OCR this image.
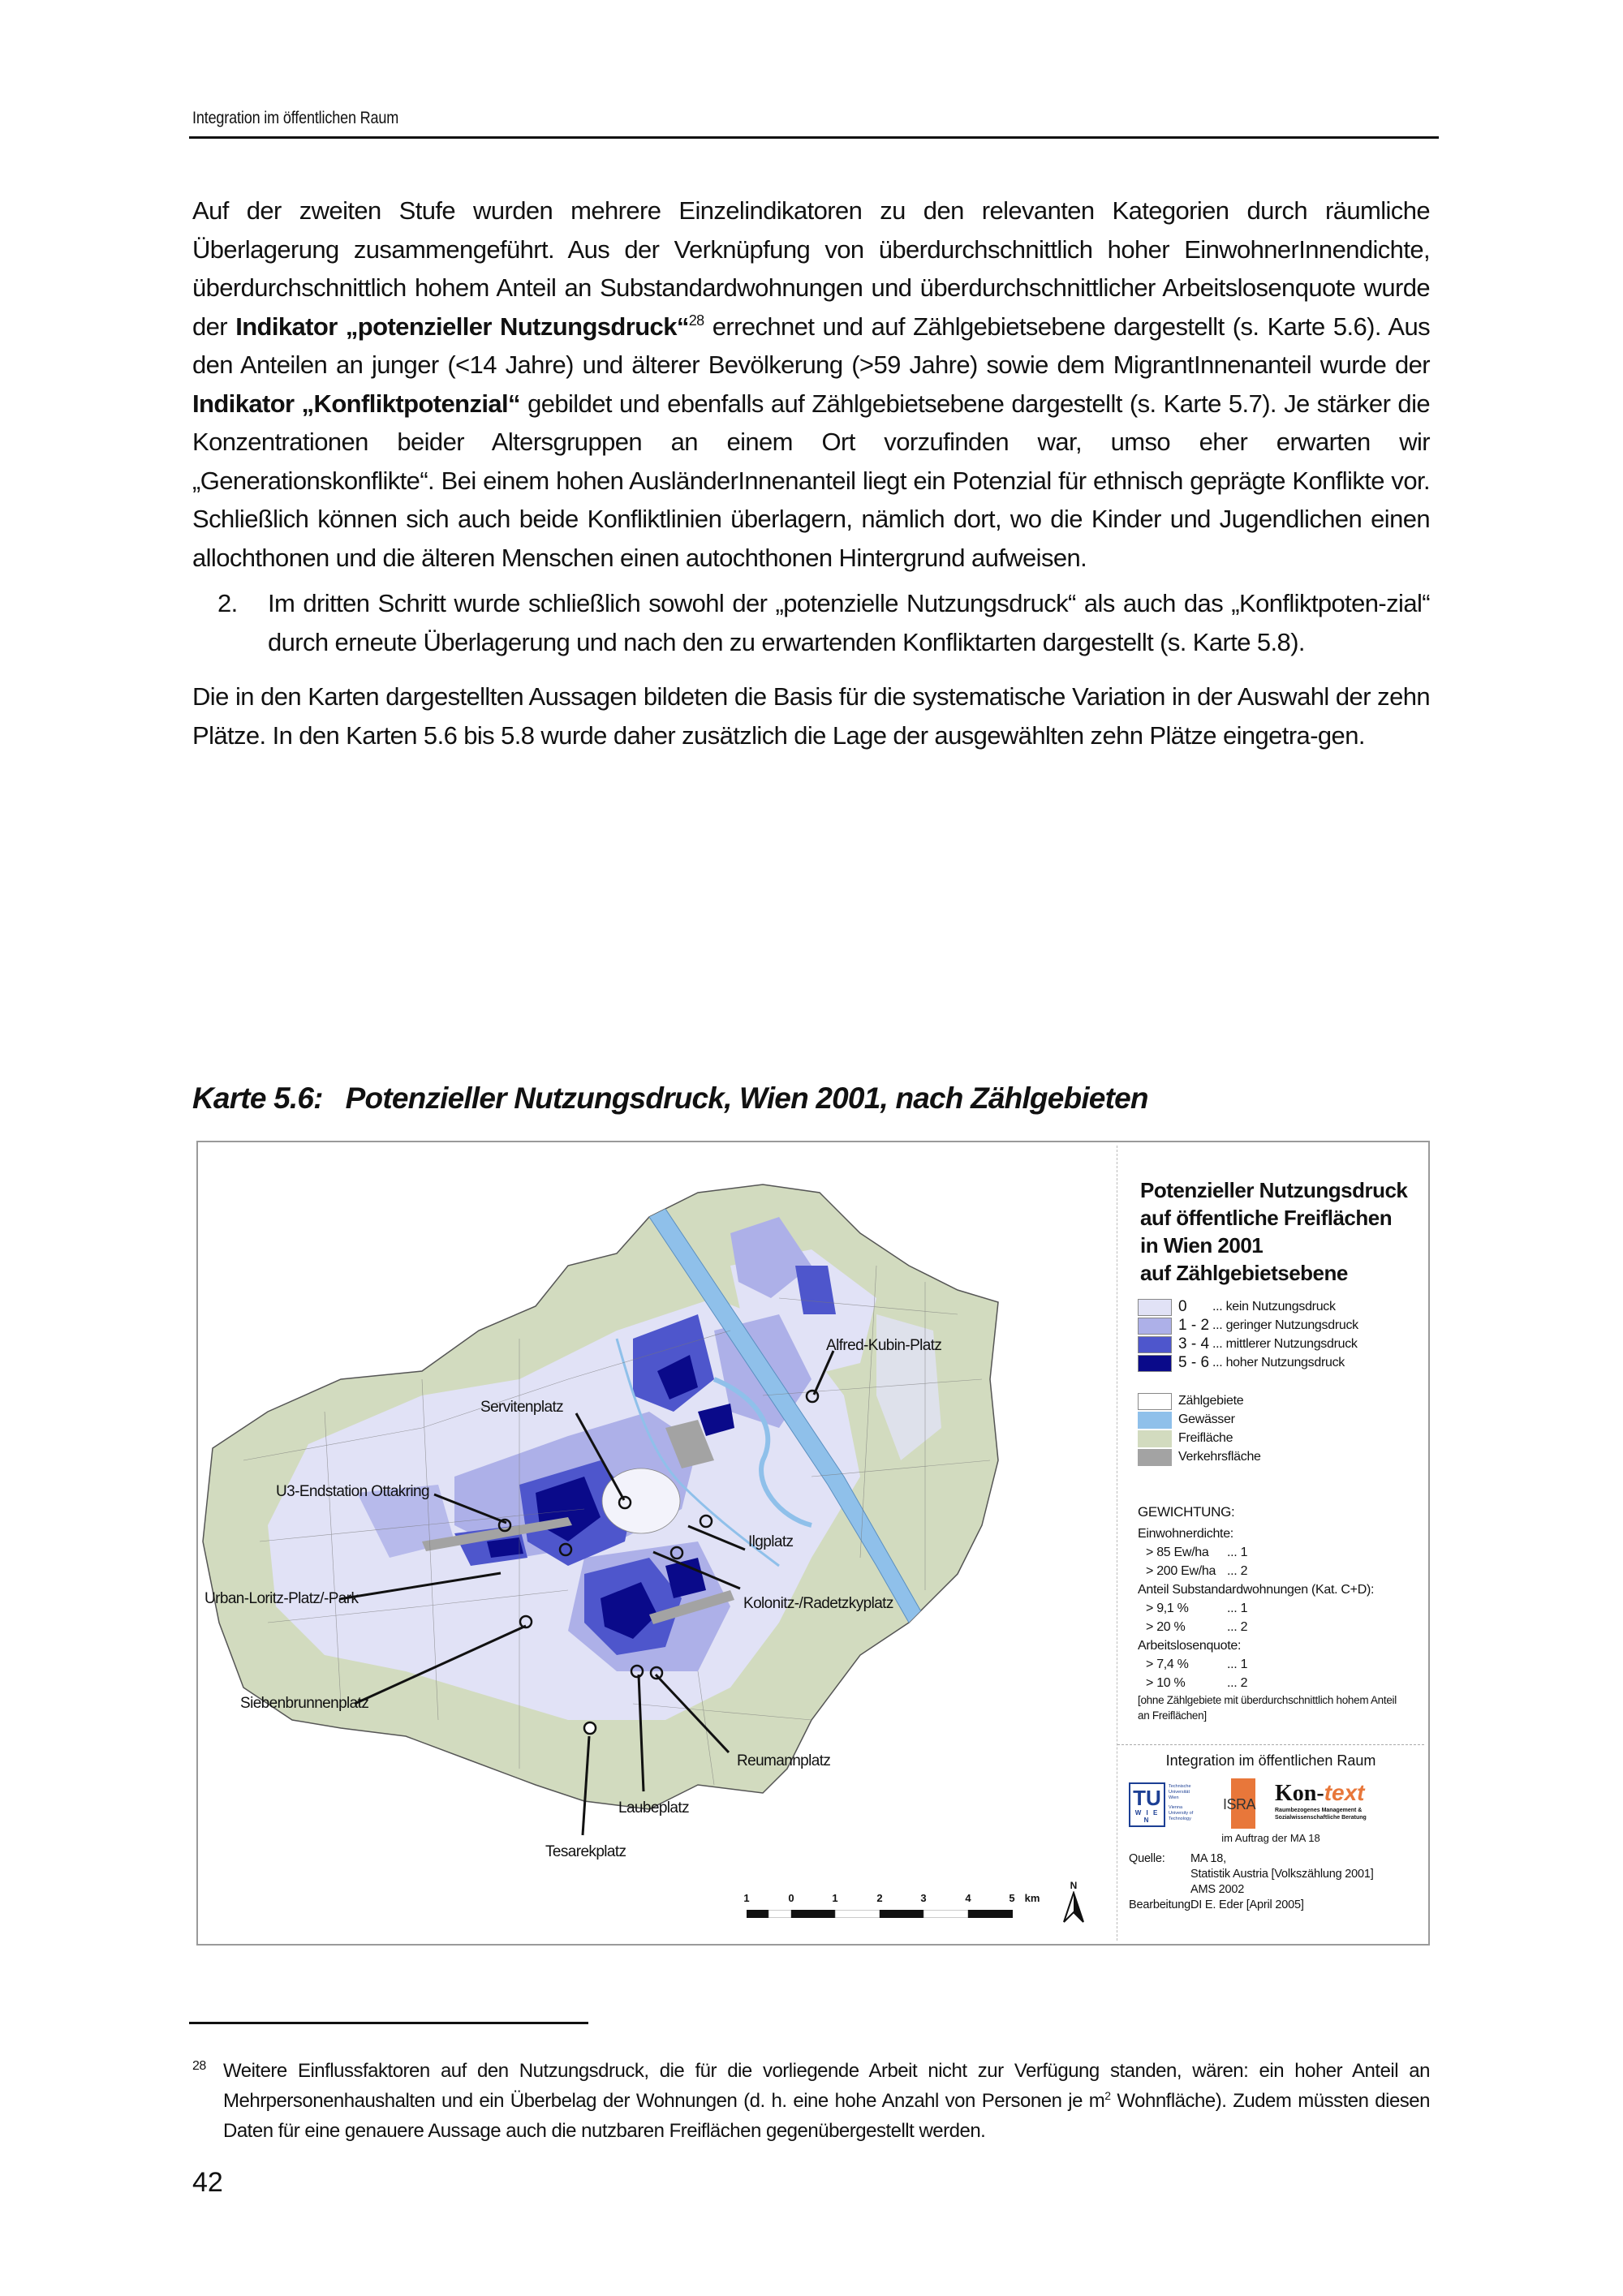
Integration im öffentlichen Raum
Auf der zweiten Stufe wurden mehrere Einzelindikatoren zu den relevanten Kategorien durch räumliche Überlagerung zusammengeführt. Aus der Verknüpfung von überdurchschnittlich hoher EinwohnerInnendichte, überdurchschnittlich hohem Anteil an Substandardwohnungen und überdurchschnittlicher Arbeitslosenquote wurde der Indikator „potenzieller Nutzungsdruck“$^{28}$ errechnet und auf Zählgebietsebene dargestellt (s. Karte 5.6). Aus den Anteilen an junger (<14 Jahre) und älterer Bevölkerung (>59 Jahre) sowie dem MigrantInnenanteil wurde der Indikator „Konfliktpotenzial“ gebildet und ebenfalls auf Zählgebietsebene dargestellt (s. Karte 5.7). Je stärker die Konzentrationen beider Altersgruppen an einem Ort vorzufinden war, umso eher erwarten wir „Generationskonflikte“. Bei einem hohen AusländerInnenanteil liegt ein Potenzial für ethnisch geprägte Konflikte vor. Schließlich können sich auch beide Konfliktlinien überlagern, nämlich dort, wo die Kinder und Jugendlichen einen allochthonen und die älteren Menschen einen autochthonen Hintergrund aufweisen.
2. Im dritten Schritt wurde schließlich sowohl der „potenzielle Nutzungsdruck“ als auch das „Konfliktpoten-zial“ durch erneute Überlagerung und nach den zu erwartenden Konfliktarten dargestellt (s. Karte 5.8).
Die in den Karten dargestellten Aussagen bildeten die Basis für die systematische Variation in der Auswahl der zehn Plätze. In den Karten 5.6 bis 5.8 wurde daher zusätzlich die Lage der ausgewählten zehn Plätze eingetra-gen.
Karte 5.6: Potenzieller Nutzungsdruck, Wien 2001, nach Zählgebieten
Alfred-Kubin-Platz
Servitenplatz
U3-Endstation Ottakring
Ilgplatz
Urban-Loritz-Platz/-Park	Kolonitz-/Radetzkyplatz
Siebenbrunnenplatz
Reumannplatz
Laubeplatz
Tesarekplatz
1	0	1	2	3	4	5 km
N
Potenzieller Nutzungsdruck
auf öffentliche Freiflächen
in Wien 2001
auf Zählgebietsebene
0	... kein Nutzungsdruck
1 - 2 ... geringer Nutzungsdruck
3 - 4 ... mittlerer Nutzungsdruck
5 - 6 ... hoher Nutzungsdruck
Zählgebiete
Gewässer
Freifläche
Verkehrsfläche
GEWICHTUNG:
Einwohnerdichte:
> 85 Ew/ha ... 1
> 200 Ew/ha ... 2
Anteil Substandardwohnungen (Kat. C+D):
> 9,1 %	... 1
> 20 %	... 2
Arbeitslosenquote:
> 7,4 %	... 1
> 10 %	... 2
[ohne Zählgebiete mit überdurchschnittlich hohem Anteil an Freiflächen]
Integration im öffentlichen Raum
TU
W I E N
Technische
Universität
Wien
Vienna
University of
Technology
ISRA Kon-text
Raumbezogenes Management &
Sozialwissenschaftliche Beratung
im Auftrag der MA 18
Quelle: MA 18,
Statistik Austria [Volkszählung 2001]
AMS 2002
Bearbeitung:DI E. Eder [April 2005]
28 Weitere Einflussfaktoren auf den Nutzungsdruck, die für die vorliegende Arbeit nicht zur Verfügung standen, wären: ein hoher Anteil an Mehrpersonenhaushalten und ein Überbelag der Wohnungen (d. h. eine hohe Anzahl von Personen je $m^2$ Wohnfläche). Zudem müssten diesen Daten für eine genauere Aussage auch die nutzbaren Freiflächen gegenübergestellt werden.
42
